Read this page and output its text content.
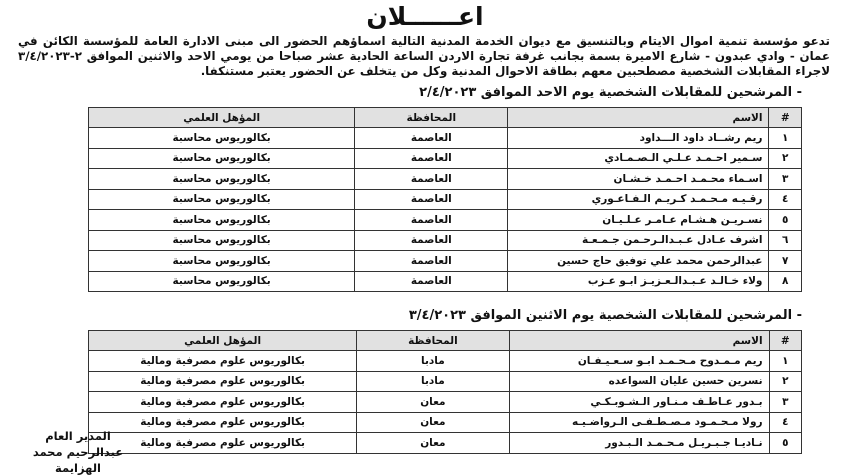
اعــــــلان
تدعو مؤسسة تنمية اموال الايتام وبالتنسيق مع ديوان الخدمة المدنية التالية اسماؤهم الحضور الى مبنى الادارة العامة للمؤسسة الكائن في عمان - وادي عبدون - شارع الاميرة بسمة بجانب غرفة تجارة الاردن الساعة الحادية عشر صباحا من يومي الاحد والاثنين الموافق ٢-٣/٤/٢٠٢٣ لاجراء المقابلات الشخصية مصطحبين معهم بطاقة الاحوال المدنية وكل من يتخلف عن الحضور يعتبر مستنكفا.
- المرشحين للمقابلات الشخصية يوم الاحد الموافق ٢/٤/٢٠٢٣
#	الاسم	المحافظة	المؤهل العلمي
١	ريم رشــاد داود الـــداود	العاصمة	بكالوريوس محاسبة
٢	سـمير احـمـد عـلـي الـصـمـادي	العاصمة	بكالوريوس محاسبة
٣	اسـماء محـمـد احـمـد خـشـان	العاصمة	بكالوريوس محاسبة
٤	رقـيـه مـحـمـد كـريـم الـفـاعـوري	العاصمة	بكالوريوس محاسبة
٥	نسـريـن هـشـام عـامـر عـلـيـان	العاصمة	بكالوريوس محاسبة
٦	اشرف عـادل عـبـدالـرحـمن جـمـعـة	العاصمة	بكالوريوس محاسبة
٧	عبدالرحمن محمد علي توفيق حاج حسين	العاصمة	بكالوريوس محاسبة
٨	ولاء خـالـد عـبـدالـعـزيـز ابـو عـزب	العاصمة	بكالوريوس محاسبة
- المرشحين للمقابلات الشخصية يوم الاثنين الموافق ٣/٤/٢٠٢٣
#	الاسم	المحافظة	المؤهل العلمي
١	ريم مـمـدوح مـحـمـد ابـو سـعـيـفـان	مادبا	بكالوريوس علوم مصرفية ومالية
٢	نسرين حسين عليان السواعده	مادبا	بكالوريوس علوم مصرفية ومالية
٣	بـدور عـاطـف مـنـاور الـشـوبـكـي	معان	بكالوريوس علوم مصرفية ومالية
٤	رولا مـحـمـود مـصـطـفـى الـرواضـيـه	معان	بكالوريوس علوم مصرفية ومالية
٥	نـاديـا جـبـريـل مـحـمـد الـبـدور	معان	بكالوريوس علوم مصرفية ومالية
المدير العام
عبدالرحيم محمد الهزايمة
